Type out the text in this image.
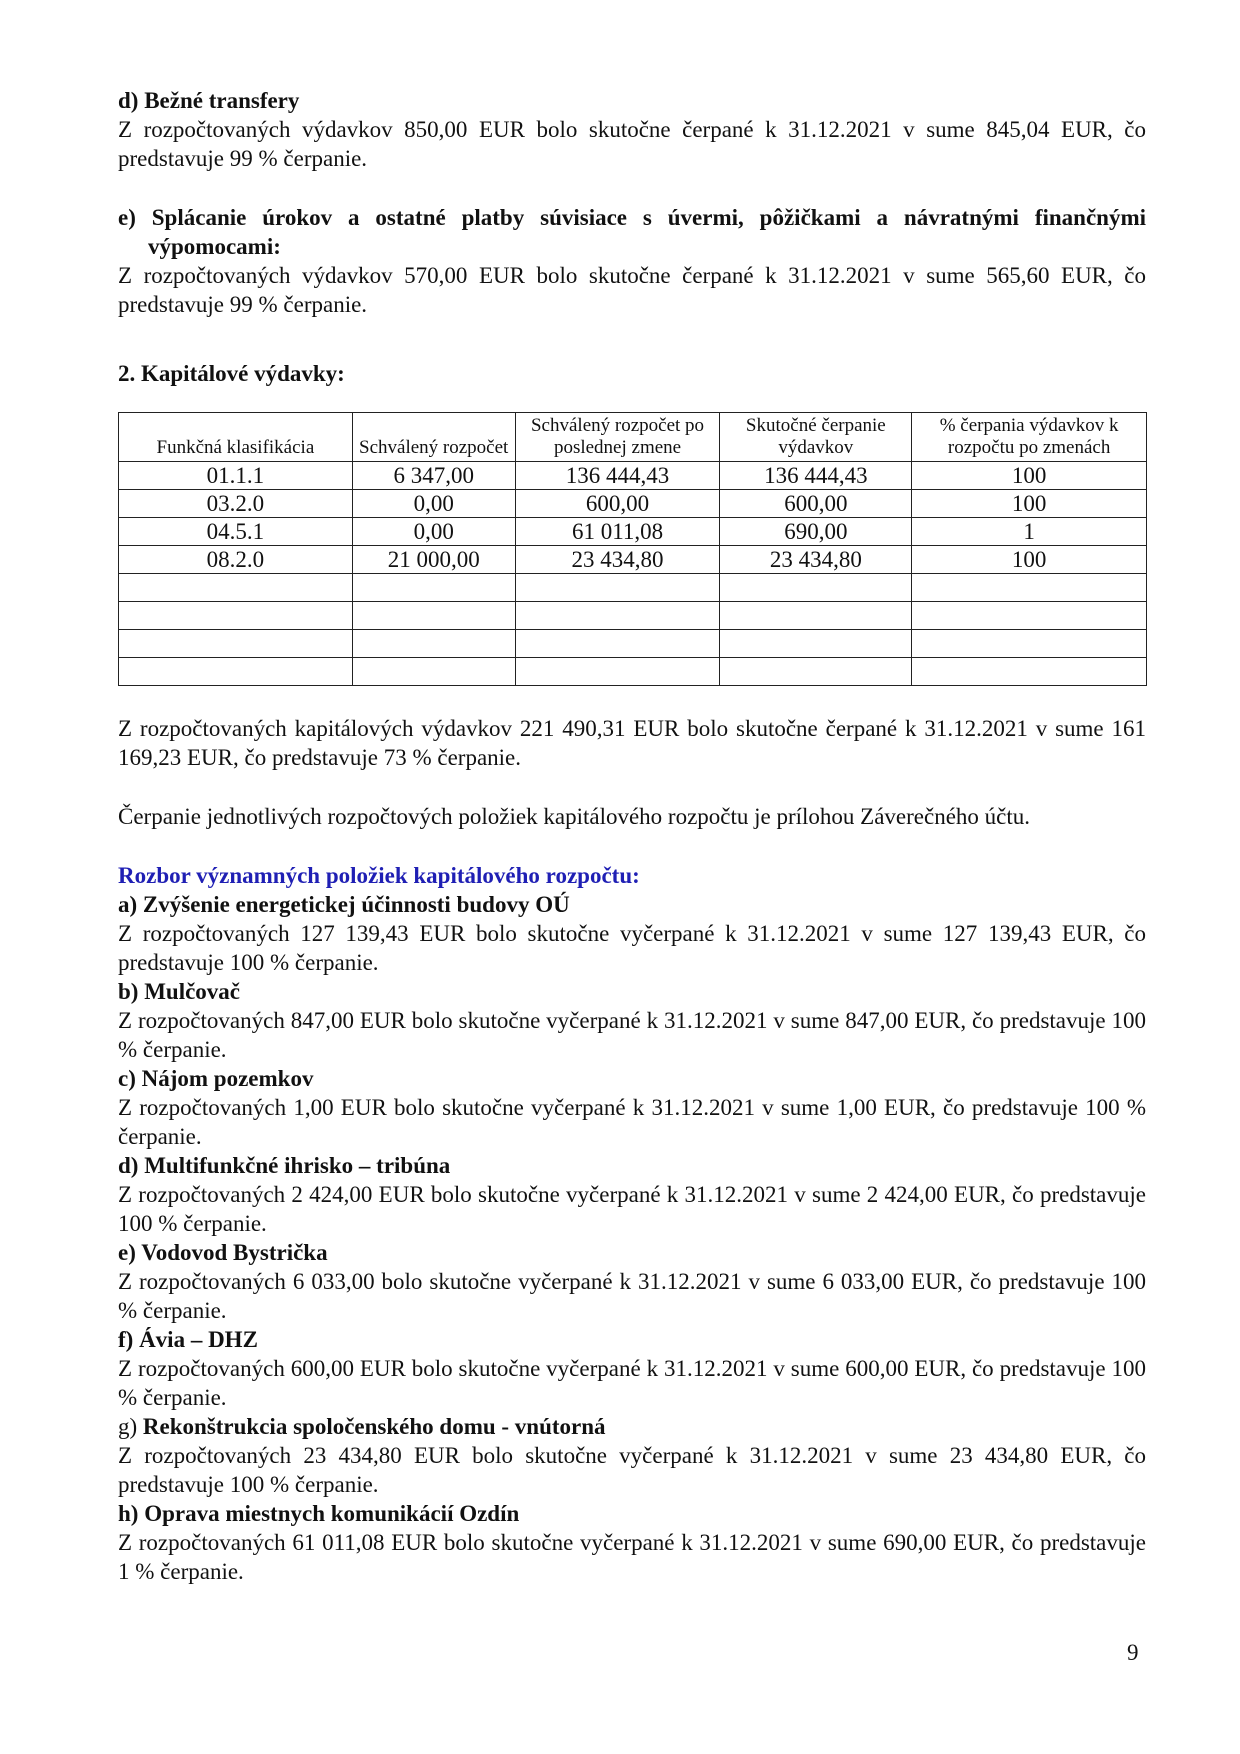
d) Bežné transfery
Z rozpočtovaných výdavkov 850,00 EUR bolo skutočne čerpané k 31.12.2021 v sume 845,04 EUR, čo predstavuje 99 % čerpanie.
e) Splácanie úrokov a ostatné platby súvisiace s úvermi, pôžičkami a návratnými finančnými výpomocami:
Z rozpočtovaných výdavkov 570,00 EUR bolo skutočne čerpané k 31.12.2021 v sume 565,60 EUR, čo predstavuje 99 % čerpanie.
2. Kapitálové výdavky:
Funkčná klasifikácia	Schválený rozpočet	Schválený rozpočet po poslednej zmene	Skutočné čerpanie výdavkov	% čerpania výdavkov k rozpočtu po zmenách
01.1.1	6 347,00	136 444,43	136 444,43	100
03.2.0	0,00	600,00	600,00	100
04.5.1	0,00	61 011,08	690,00	1
08.2.0	21 000,00	23 434,80	23 434,80	100

Z rozpočtovaných kapitálových výdavkov 221 490,31 EUR bolo skutočne čerpané k 31.12.2021 v sume 161 169,23 EUR, čo predstavuje 73 % čerpanie.
Čerpanie jednotlivých rozpočtových položiek kapitálového rozpočtu je prílohou Záverečného účtu.
Rozbor významných položiek kapitálového rozpočtu:
a) Zvýšenie energetickej účinnosti budovy OÚ
Z rozpočtovaných 127 139,43 EUR bolo skutočne vyčerpané k 31.12.2021 v sume 127 139,43 EUR, čo predstavuje 100 % čerpanie.
b) Mulčovač
Z rozpočtovaných 847,00 EUR bolo skutočne vyčerpané k 31.12.2021 v sume 847,00 EUR, čo predstavuje 100 % čerpanie.
c) Nájom pozemkov
Z rozpočtovaných 1,00 EUR bolo skutočne vyčerpané k 31.12.2021 v sume 1,00 EUR, čo predstavuje 100 % čerpanie.
d) Multifunkčné ihrisko – tribúna
Z rozpočtovaných 2 424,00 EUR bolo skutočne vyčerpané k 31.12.2021 v sume 2 424,00 EUR, čo predstavuje 100 % čerpanie.
e) Vodovod Bystrička
Z rozpočtovaných 6 033,00 bolo skutočne vyčerpané k 31.12.2021 v sume 6 033,00 EUR, čo predstavuje 100 % čerpanie.
f) Ávia – DHZ
Z rozpočtovaných 600,00 EUR bolo skutočne vyčerpané k 31.12.2021 v sume 600,00 EUR, čo predstavuje 100 % čerpanie.
g) Rekonštrukcia spoločenského domu - vnútorná
Z rozpočtovaných 23 434,80 EUR bolo skutočne vyčerpané k 31.12.2021 v sume 23 434,80 EUR, čo predstavuje 100 % čerpanie.
h) Oprava miestnych komunikácií Ozdín
Z rozpočtovaných 61 011,08 EUR bolo skutočne vyčerpané k 31.12.2021 v sume 690,00 EUR, čo predstavuje 1 % čerpanie.
9
